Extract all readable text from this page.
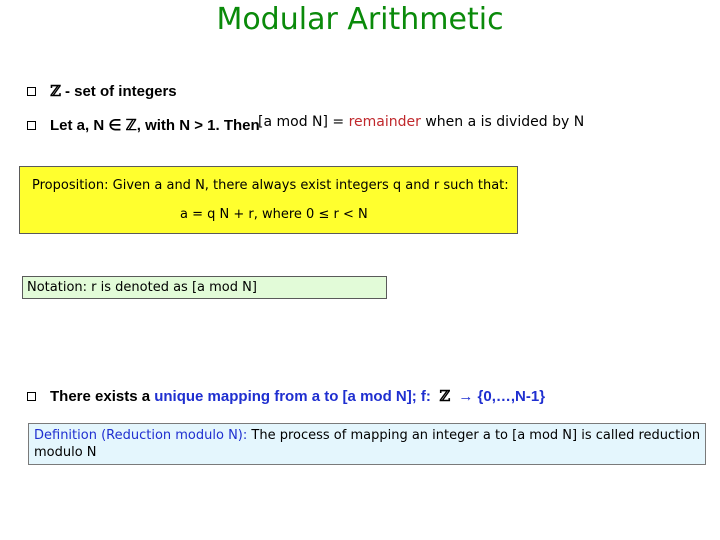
Modular Arithmetic
ℤ - set of integers
Let a, N ∈ ℤ, with N > 1. Then
[a mod N] = remainder when a is divided by N
Proposition: Given a and N, there always exist integers q and r such that:
a = q N + r, where 0 ≤ r < N
Notation: r is denoted as [a mod N]
There exists a
unique mapping from a to [a mod N]; f:
ℤ
→ {0,…,N-1}
Definition (Reduction modulo N): The process of mapping an integer a to [a mod N] is called reduction modulo N
